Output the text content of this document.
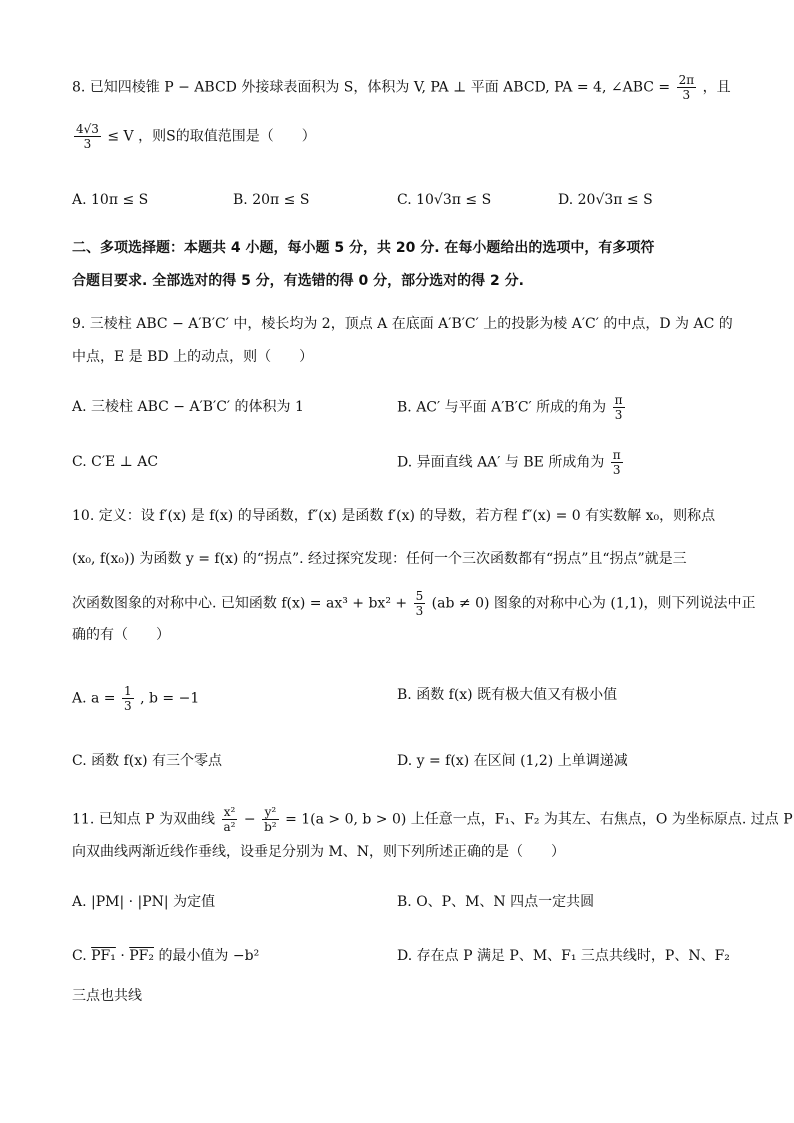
8. 已知四棱锥 P − ABCD 外接球表面积为 S，体积为 V, PA ⊥ 平面 ABCD, PA = 4, ∠ABC = $\frac{2\pi}{3}$ ，且
$\frac{4√3}{3} \le V$ ，则S的取值范围是（　　）
A. 10π ≤ S	B. 20π ≤ S	C. 10√3π ≤ S	D. 20√3π ≤ S
二、多项选择题：本题共 4 小题，每小题 5 分，共 20 分. 在每小题给出的选项中，有多项符
合题目要求. 全部选对的得 5 分，有选错的得 0 分，部分选对的得 2 分.
9. 三棱柱 ABC − A′B′C′ 中，棱长均为 2，顶点 A 在底面 A′B′C′ 上的投影为棱 A′C′ 的中点，D 为 AC 的
中点，E 是 BD 上的动点，则（　　）
A. 三棱柱 ABC − A′B′C′ 的体积为 1	B. AC′ 与平面 A′B′C′ 所成的角为 $\frac{\pi}{3}$
C. C′E ⊥ AC	D. 异面直线 AA′ 与 BE 所成角为 $\frac{\pi}{3}$
10. 定义：设 f′(x) 是 f(x) 的导函数，f″(x) 是函数 f′(x) 的导数，若方程 f″(x) = 0 有实数解 x₀，则称点
(x₀, f(x₀)) 为函数 y = f(x) 的“拐点”. 经过探究发现：任何一个三次函数都有“拐点”且“拐点”就是三
次函数图象的对称中心. 已知函数 $f(x) = ax^3 + bx^2 + \frac{5}{3} (ab \ne 0)$ 图象的对称中心为 (1,1)，则下列说法中正
确的有（　　）
A. $a = \frac{1}{3}$ , b = −1	B. 函数 f(x) 既有极大值又有极小值
C. 函数 f(x) 有三个零点	D. y = f(x) 在区间 (1,2) 上单调递减
11. 已知点 P 为双曲线 $\frac{\text{x²}}{\text{a²}} - \frac{\text{y²}}{\text{b²}} = 1(a > 0$, b > 0) 上任意一点，F₁、F₂ 为其左、右焦点，O 为坐标原点. 过点 P
向双曲线两渐近线作垂线，设垂足分别为 M、N，则下列所述正确的是（　　）
A. |PM| · |PN| 为定值	B. O、P、M、N 四点一定共圆
C. PF₁ · PF₂ 的最小值为 −b²	D. 存在点 P 满足 P、M、F₁ 三点共线时，P、N、F₂
三点也共线
